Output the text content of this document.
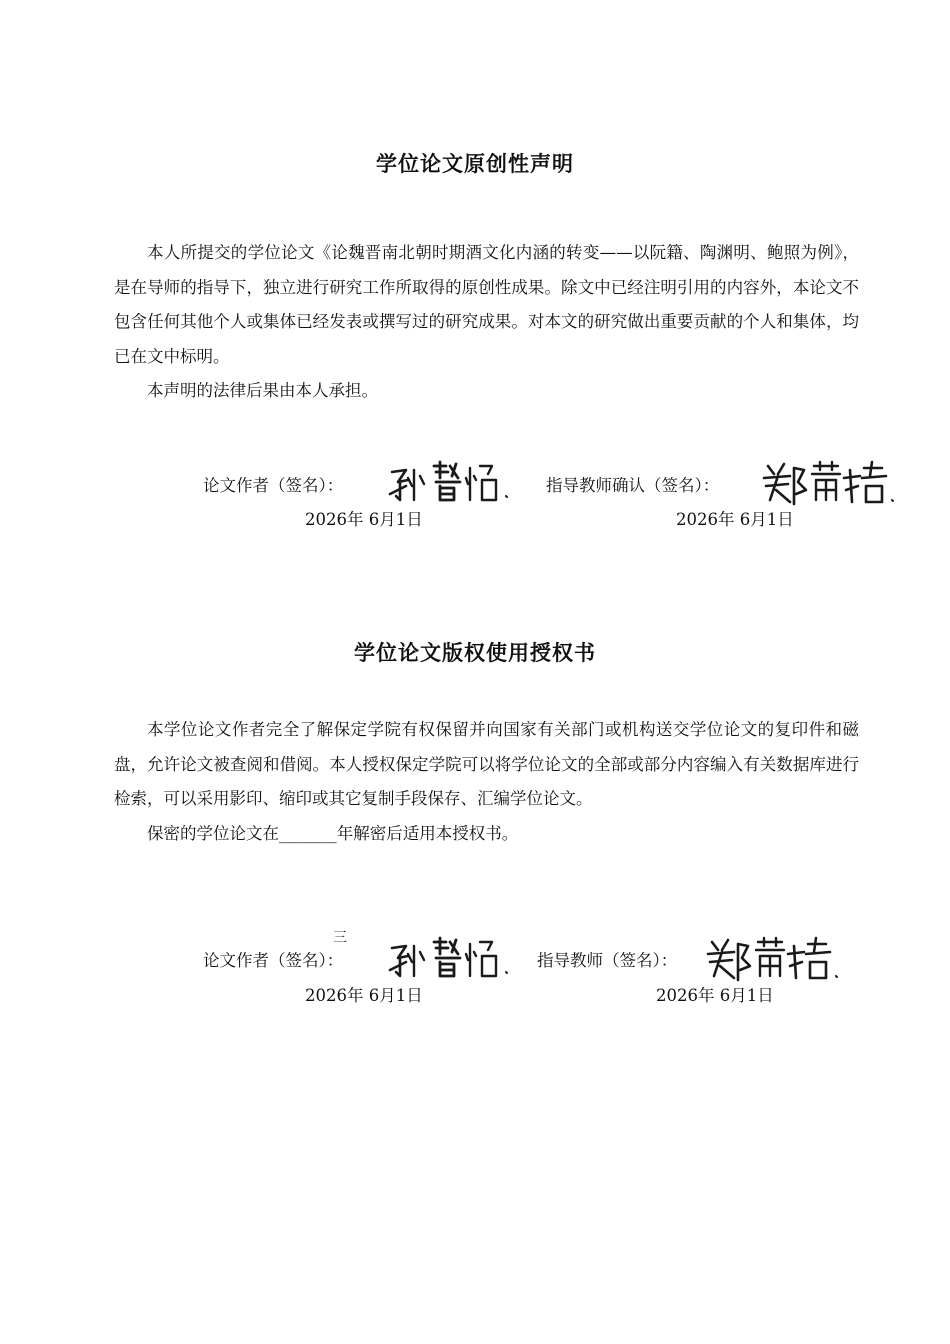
学位论文原创性声明

本人所提交的学位论文《论魏晋南北朝时期酒文化内涵的转变——以阮籍、陶渊明、鲍照为例》，是在导师的指导下，独立进行研究工作所取得的原创性成果。除文中已经注明引用的内容外，本论文不包含任何其他个人或集体已经发表或撰写过的研究成果。对本文的研究做出重要贡献的个人和集体，均已在文中标明。

本声明的法律后果由本人承担。

论文作者（签名）：
2026年 6月1日
指导教师确认（签名）：
2026年 6月1日
学位论文版权使用授权书

本学位论文作者完全了解保定学院有权保留并向国家有关部门或机构送交学位论文的复印件和磁盘，允许论文被查阅和借阅。本人授权保定学院可以将学位论文的全部或部分内容编入有关数据库进行检索，可以采用影印、缩印或其它复制手段保存、汇编学位论文。

保密的学位论文在_______年解密后适用本授权书。

三
论文作者（签名）：
2026年 6月1日
指导教师（签名）：
2026年 6月1日
